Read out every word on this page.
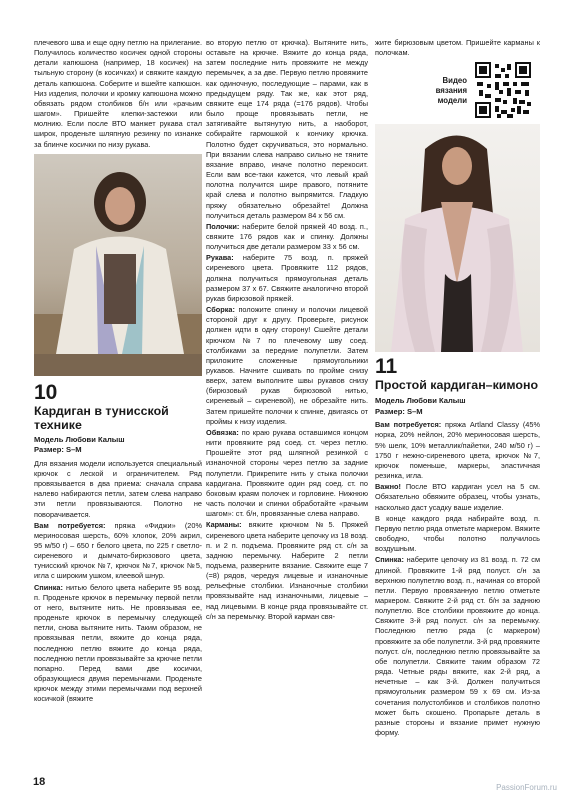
плечевого шва и еще одну петлю на прилегание. Получилось количество косичек одной стороны детали капюшона (например, 18 косичек) на тыльную сторону (в косичках) и свяжите каждую деталь капюшона. Соберите и вшейте капюшон. Низ изделия, полочки и кромку капюшона можно обвязать рядом столбиков б/н или «рачьим шагом». Пришейте клепки-застежки или молнию. Если после ВТО манжет рукава стал широк, проденьте шляпную резинку по изнанке за блинче косички по низу рукава.

10
Кардиган в тунисской технике
Модель Любови Калыш
Размер: S–M

Для вязания модели используется специальный крючок с леской и ограничителем. Ряд провязывается в два приема: сначала справа налево набираются петли, затем слева направо эти петли провязываются. Полотно не поворачивается.

Вам потребуется: пряжа «Фиджи» (20% мериносовая шерсть, 60% хлопок, 20% акрил, 95 м/50 г) – 650 г белого цвета, по 225 г светло-сиреневого и дымчато-бирюзового цвета, тунисский крючок №7, крючок №7, крючок №5, игла с широким ушком, клеевой шнур.

Спинка: нитью белого цвета наберите 95 возд. п. Проденьте крючок в перемычку первой петли от него, вытяните нить. Не провязывая ее, проденьте крючок в перемычку следующей петли, снова вытяните нить. Таким образом, не провязывая петли, вяжите до конца ряда, последнюю петлю вяжите до конца ряда, последнюю петли провязывайте за крючке петли попарно. Перед вами две косички, образующиеся двумя перемычками. Проденьте крючок между этими перемычками под верхней косичкой (вяжите

во вторую петлю от крючка). Вытяните нить, оставьте на крючке. Вяжите до конца ряда, затем последние нить провяжите не между перемычек, а за две. Первую петлю провяжите как одиночную, последующие – парами, как в предыдущем ряду. Так же, как этот ряд, свяжите еще 174 ряда (=176 рядов). Чтобы было проще провязывать петли, не затягивайте вытянутую нить, а наоборот, собирайте гармошкой к кончику крючка. Полотно будет скручиваться, это нормально. При вязании слева направо сильно не тяните вязание вправо, иначе полотно перекосит. Если вам все-таки кажется, что левый край полотна получится шире правого, потяните край слева и полотно выпрямится. Гладкую пряжу обязательно обрезайте! Должна получиться деталь размером 84 x 56 см.

Полочки: наберите белой пряжей 40 возд. п., свяжите 176 рядов как и спинку. Должны получиться две детали размером 33 x 56 см.

Рукава: наберите 75 возд. п. пряжей сиреневого цвета. Провяжите 112 рядов, должна получиться прямоугольная деталь размером 37 x 67. Свяжите аналогично второй рукав бирюзовой пряжей.

Сборка: положите спинку и полочки лицевой стороной друг к другу. Проверьте, рисунок должен идти в одну сторону! Сшейте детали крючком №7 по плечевому шву соед. столбиками за передние полупетли. Затем приложите сложенные прямоугольники рукавов. Начните сшивать по пройме снизу вверх, затем выполните швы рукавов снизу (бирюзовый рукав бирюзовой нитью, сиреневый – сиреневой), не обрезайте нить. Затем пришейте полочки к спинке, двигаясь от проймы к низу изделия.

Обвязка: по краю рукава оставшимся концом нити провяжите ряд соед. ст. через петлю. Прошейте этот ряд шляпной резинкой с изнаночной стороны через петлю за задние полупетли. Прикрепите нить у стыка полочки кардигана. Провяжите один ряд соед. ст. по боковым краям полочек и горловине. Нижнюю часть полочки и спинки обработайте «рачьим шагом»: ст. б/н, провязанные слева направо.

Карманы: вяжите крючком №5. Пряжей сиреневого цвета наберите цепочку из 18 возд. п. и 2 п. подъема. Провяжите ряд ст. с/н за заднюю перемычку. Наберите 2 петли подъема, разверните вязание. Свяжите еще 7 (=8) рядов, чередуя лицевые и изнаночные рельефные столбики. Изнаночные столбики провязывайте над изнаночными, лицевые – над лицевыми. В конце ряда провязывайте ст. с/н за перемычку. Второй карман свя-

жите бирюзовым цветом. Пришейте карманы к полочкам.

Видео вязания модели
11
Простой кардиган–кимоно
Модель Любови Калыш
Размер: S–M

Вам потребуется: пряжа Artland Classy (45% норка, 20% нейлон, 20% мериносовая шерсть, 5% шелк, 10% металлик/пайетки, 240 м/50 г) – 1750 г нежно-сиреневого цвета, крючок №7, крючок поменьше, маркеры, эластичная резинка, игла.

Важно! После ВТО кардиган усел на 5 см. Обязательно обвяжите образец, чтобы узнать, насколько даст усадку ваше изделие.

В конце каждого ряда набирайте возд. п. Первую петлю ряда отметьте маркером. Вяжите свободно, чтобы полотно получилось воздушным.

Спинка: наберите цепочку из 81 возд. п. 72 см длиной. Провяжите 1-й ряд полуст. с/н за верхнюю полупетлю возд. п., начиная со второй петли. Первую провязанную петлю отметьте маркером. Свяжите 2-й ряд ст. б/н за заднюю полупетлю. Все столбики провяжите до конца. Свяжите 3-й ряд полуст. с/н за перемычку. Последнюю петлю ряда (с маркером) провяжите за обе полупетли. 3-й ряд провяжите полуст. с/н, последнюю петлю провязывайте за обе полупетли. Свяжите таким образом 72 ряда. Четные ряды вяжите, как 2-й ряд, а нечетные – как 3-й. Должен получиться прямоугольник размером 59 x 69 см. Из-за сочетания полустолбиков и столбиков полотно может быть скошено. Пропарьте деталь в разные стороны и вязание примет нужную форму.

18	PassionForum.ru
